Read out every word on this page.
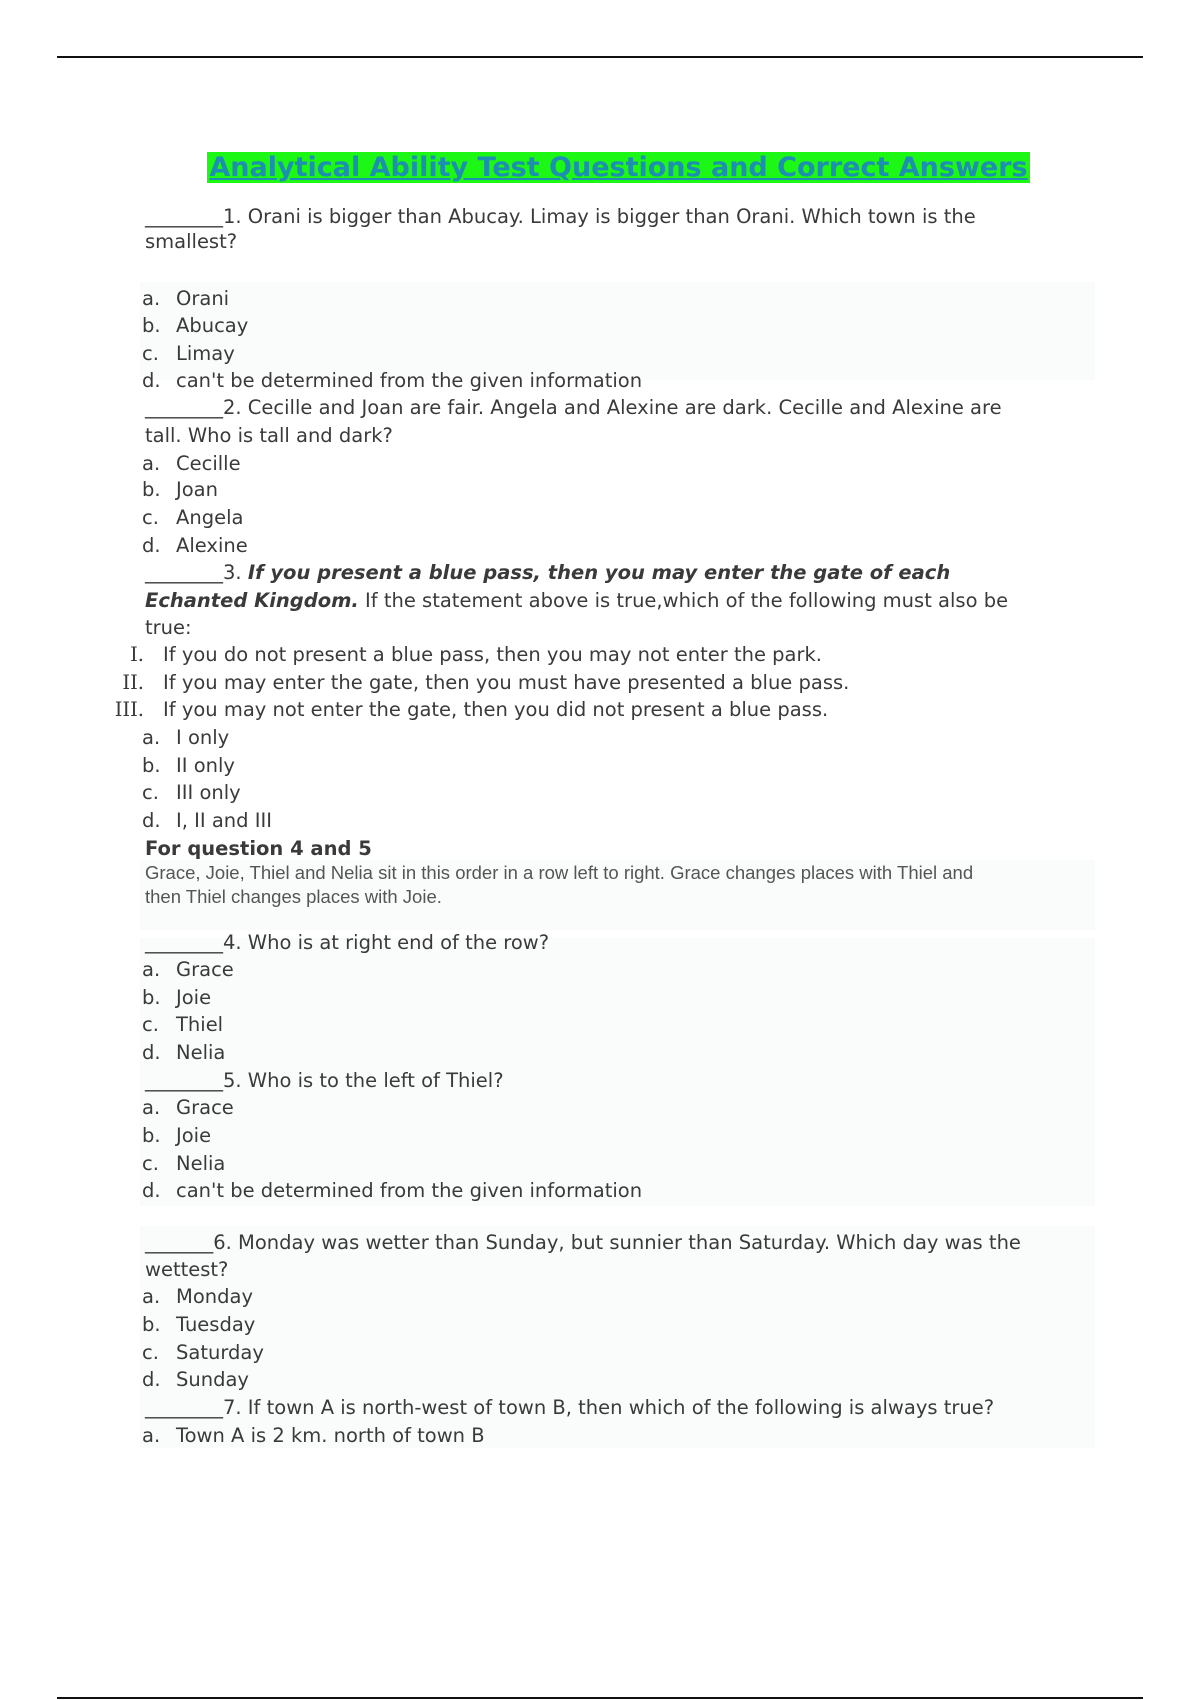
Analytical Ability Test Questions and Correct Answers
________1. Orani is bigger than Abucay. Limay is bigger than Orani. Which town is the
smallest?
a. Orani
b. Abucay
c. Limay
d. can't be determined from the given information
________2. Cecille and Joan are fair. Angela and Alexine are dark. Cecille and Alexine are
tall. Who is tall and dark?
a. Cecille
b. Joan
c. Angela
d. Alexine
________3. If you present a blue pass, then you may enter the gate of each
Echanted Kingdom. If the statement above is true,which of the following must also be
true:
I. If you do not present a blue pass, then you may not enter the park.
II. If you may enter the gate, then you must have presented a blue pass.
III. If you may not enter the gate, then you did not present a blue pass.
a. I only
b. II only
c. III only
d. I, II and III
For question 4 and 5
Grace, Joie, Thiel and Nelia sit in this order in a row left to right. Grace changes places with Thiel and
then Thiel changes places with Joie.
________4. Who is at right end of the row?
a. Grace
b. Joie
c. Thiel
d. Nelia
________5. Who is to the left of Thiel?
a. Grace
b. Joie
c. Nelia
d. can't be determined from the given information
_______6. Monday was wetter than Sunday, but sunnier than Saturday. Which day was the
wettest?
a. Monday
b. Tuesday
c. Saturday
d. Sunday
________7. If town A is north-west of town B, then which of the following is always true?
a. Town A is 2 km. north of town B
